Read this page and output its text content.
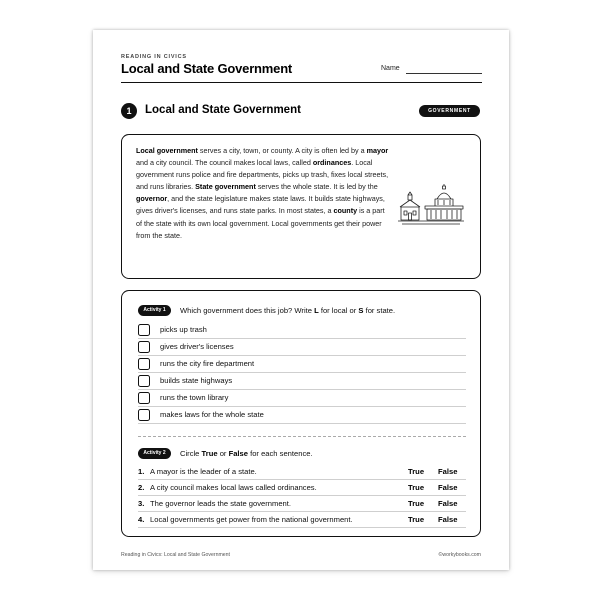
READING IN CIVICS
Local and State Government	Name
1	Local and State Government	GOVERNMENT
Local government serves a city, town, or county. A city is often led by a mayor and a city council. The council makes local laws, called ordinances. Local government runs police and fire departments, picks up trash, fixes local streets, and runs libraries. State government serves the whole state. It is led by the governor, and the state legislature makes state laws. It builds state highways, gives driver's licenses, and runs state parks. In most states, a county is a part of the state with its own local government. Local governments get their power from the state.
Activity 1	Which government does this job? Write L for local or S for state.
picks up trash
gives driver's licenses
runs the city fire department
builds state highways
runs the town library
makes laws for the whole state
Activity 2	Circle True or False for each sentence.
1. A mayor is the leader of a state.	True False
2. A city council makes local laws called ordinances.	True False
3. The governor leads the state government.	True False
4. Local governments get power from the national government.	True False
Reading in Civics: Local and State Government	©workybooks.com
